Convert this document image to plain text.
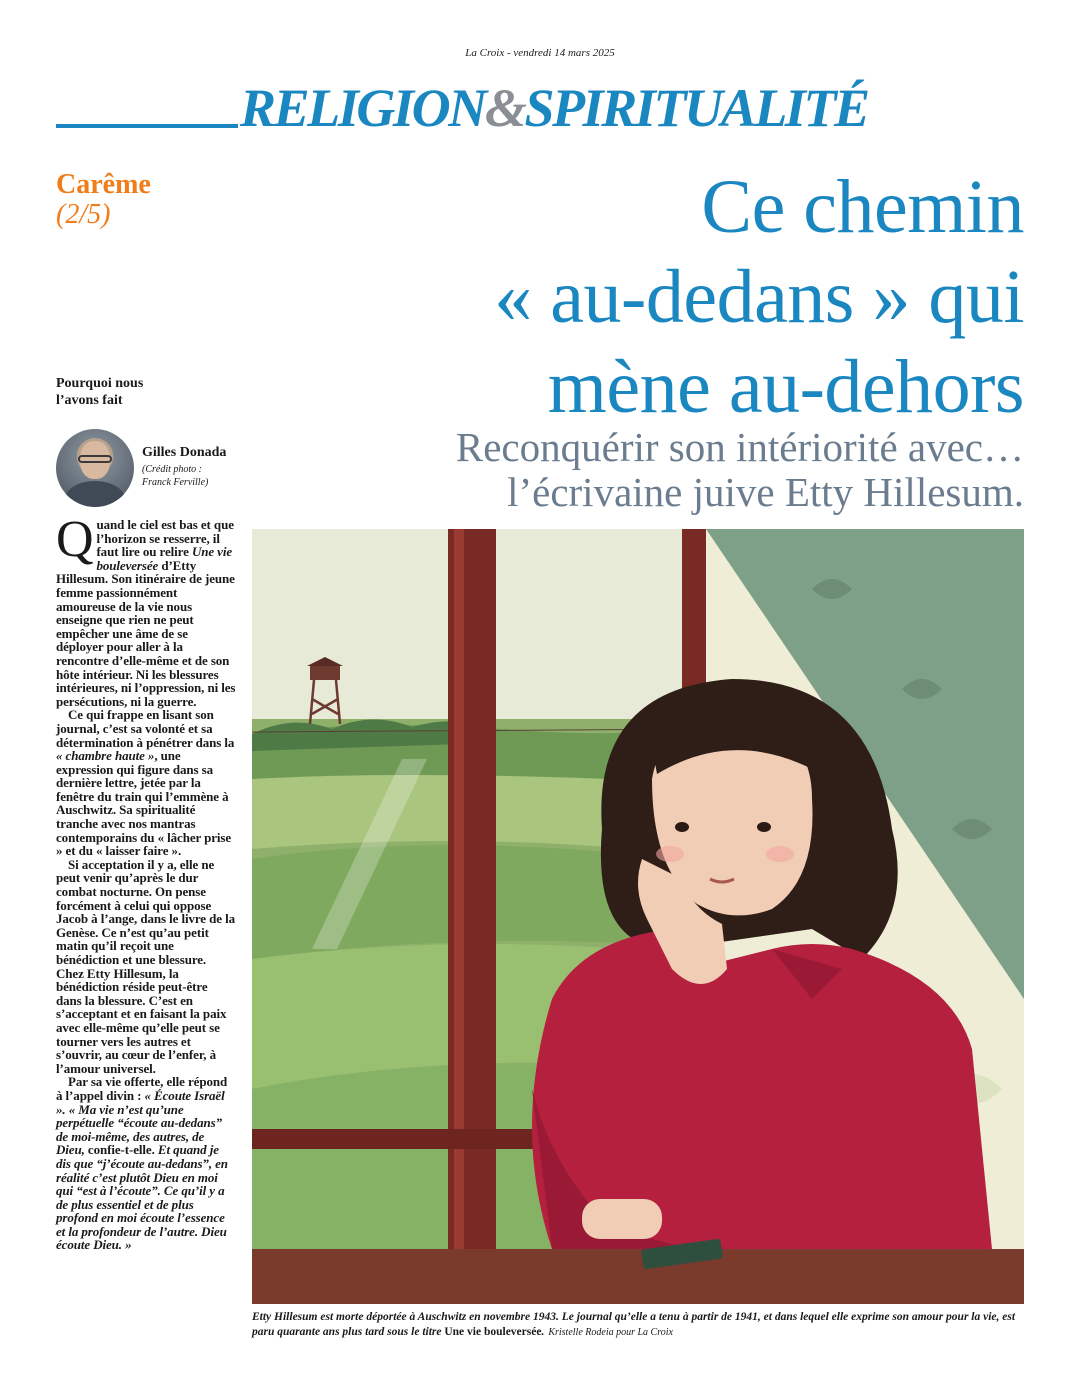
La Croix - vendredi 14 mars 2025
RELIGION&SPIRITUALITÉ
Carême
(2/5)	Ce chemin
« au-dedans » qui
mène au-dehors
Reconquérir son intériorité avec…
l’écrivaine juive Etty Hillesum.
Pourquoi nous
l’avons fait
Gilles Donada
(Crédit photo :
Franck Ferville)

Quand le ciel est bas et que l’horizon se resserre, il faut lire ou relire Une vie bouleversée d’Etty Hillesum. Son itinéraire de jeune femme passionnément amoureuse de la vie nous enseigne que rien ne peut empêcher une âme de se déployer pour aller à la rencontre d’elle-même et de son hôte intérieur. Ni les blessures intérieures, ni l’oppression, ni les persécutions, ni la guerre.

Ce qui frappe en lisant son journal, c’est sa volonté et sa détermination à pénétrer dans la « chambre haute », une expression qui figure dans sa dernière lettre, jetée par la fenêtre du train qui l’emmène à Auschwitz. Sa spiritualité tranche avec nos mantras contemporains du « lâcher prise » et du « laisser faire ».

Si acceptation il y a, elle ne peut venir qu’après le dur combat nocturne. On pense forcément à celui qui oppose Jacob à l’ange, dans le livre de la Genèse. Ce n’est qu’au petit matin qu’il reçoit une bénédiction et une blessure. Chez Etty Hillesum, la bénédiction réside peut-être dans la blessure. C’est en s’acceptant et en faisant la paix avec elle-même qu’elle peut se tourner vers les autres et s’ouvrir, au cœur de l’enfer, à l’amour universel.

Par sa vie offerte, elle répond à l’appel divin : « Écoute Israël ». « Ma vie n’est qu’une perpétuelle “écoute au-dedans” de moi-même, des autres, de Dieu, confie-t-elle. Et quand je dis que “j’écoute au-dedans”, en réalité c’est plutôt Dieu en moi qui “est à l’écoute”. Ce qu’il y a de plus essentiel et de plus profond en moi écoute l’essence et la profondeur de l’autre. Dieu écoute Dieu. »

Etty Hillesum est morte déportée à Auschwitz en novembre 1943. Le journal qu’elle a tenu à partir de 1941, et dans lequel elle exprime son amour pour la vie, est paru quarante ans plus tard sous le titre Une vie bouleversée. Kristelle Rodeia pour La Croix
